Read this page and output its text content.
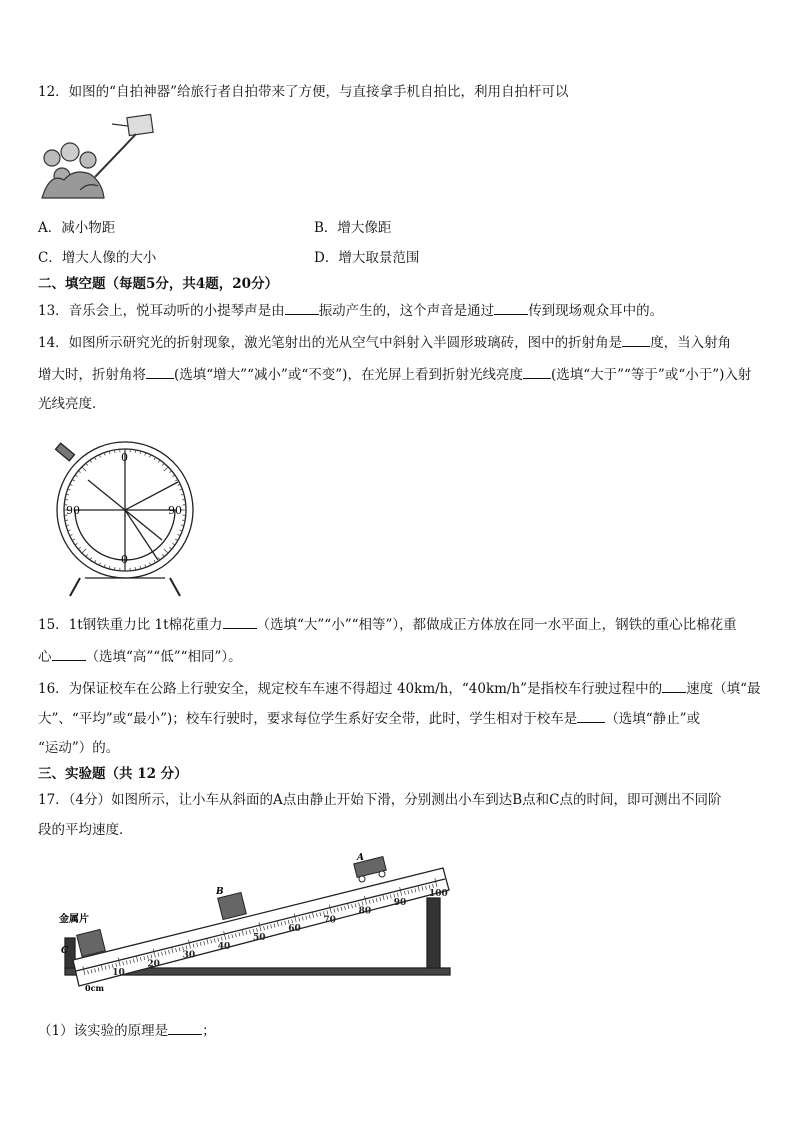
12．如图的“自拍神器”给旅行者自拍带来了方便，与直接拿手机自拍比，利用自拍杆可以
A．减小物距	B．增大像距
C．增大人像的大小	D．增大取景范围
二、填空题（每题5分，共4题，20分）
13．音乐会上，悦耳动听的小提琴声是由	振动产生的，这个声音是通过	传到现场观众耳中的。
14．如图所示研究光的折射现象，激光笔射出的光从空气中斜射入半圆形玻璃砖，图中的折射角是 度，当入射角
增大时，折射角将 (选填“增大”“减小”或“不变”)，在光屏上看到折射光线亮度 (选填“大于”“等于”或“小于”)入射
光线亮度．
0
0
90	90
15．1t钢铁重力比 1t棉花重力	（选填“大”“小”“相等”），都做成正方体放在同一水平面上，钢铁的重心比棉花重
心	（选填“高”“低”“相同”）。
16．为保证校车在公路上行驶安全，规定校车车速不得超过 40km/h，“40km/h”是指校车行驶过程中的 速度（填“最
大”、“平均”或“最小”)；校车行驶时，要求每位学生系好安全带，此时，学生相对于校车是 （选填“静止”或
“运动”）的。
三、实验题（共 12 分）
17．（4分）如图所示，让小车从斜面的A点由静止开始下滑，分别测出小车到达B点和C点的时间，即可测出不同阶
段的平均速度．
10
20
30
40
50
60
70
80
90
100
A
B
C
金属片
0cm
（1）该实验的原理是	；
